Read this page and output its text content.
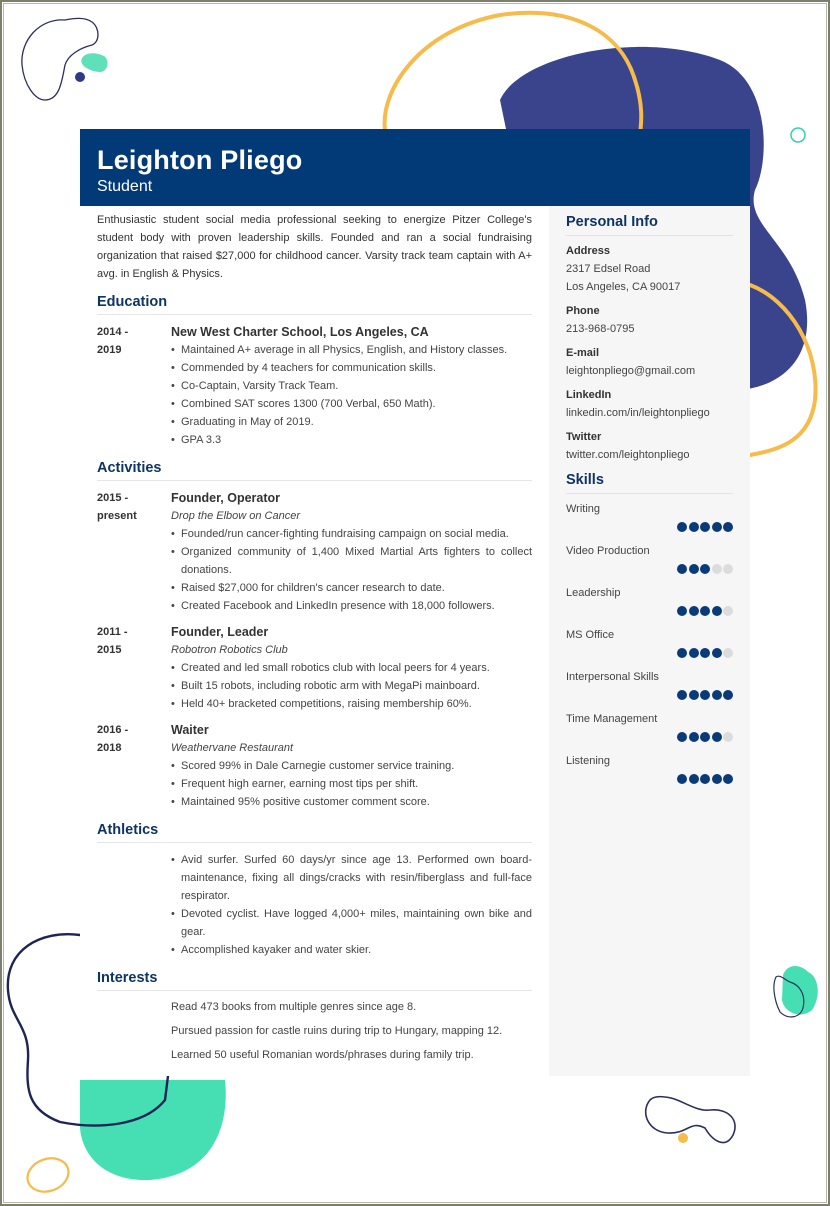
Leighton Pliego
Student

Enthusiastic student social media professional seeking to energize Pitzer College's student body with proven leadership skills. Founded and ran a social fundraising organization that raised $27,000 for childhood cancer. Varsity track team captain with A+ avg. in English & Physics.

Education
2014 -
2019
New West Charter School, Los Angeles, CA
• Maintained A+ average in all Physics, English, and History classes.
• Commended by 4 teachers for communication skills.
• Co-Captain, Varsity Track Team.
• Combined SAT scores 1300 (700 Verbal, 650 Math).
• Graduating in May of 2019.
• GPA 3.3
Activities
2015 -
present
Founder, Operator
Drop the Elbow on Cancer
• Founded/run cancer-fighting fundraising campaign on social media.
• Organized community of 1,400 Mixed Martial Arts fighters to collect donations.
• Raised $27,000 for children's cancer research to date.
• Created Facebook and LinkedIn presence with 18,000 followers.
2011 -
2015
Founder, Leader
Robotron Robotics Club
• Created and led small robotics club with local peers for 4 years.
• Built 15 robots, including robotic arm with MegaPi mainboard.
• Held 40+ bracketed competitions, raising membership 60%.
2016 -
2018
Waiter
Weathervane Restaurant
• Scored 99% in Dale Carnegie customer service training.
• Frequent high earner, earning most tips per shift.
• Maintained 95% positive customer comment score.
Athletics
• Avid surfer. Surfed 60 days/yr since age 13. Performed own board-maintenance, fixing all dings/cracks with resin/fiberglass and full-face respirator.
• Devoted cyclist. Have logged 4,000+ miles, maintaining own bike and gear.
• Accomplished kayaker and water skier.
Interests
Read 473 books from multiple genres since age 8.
Pursued passion for castle ruins during trip to Hungary, mapping 12.
Learned 50 useful Romanian words/phrases during family trip.
Personal Info
Address
2317 Edsel Road
Los Angeles, CA 90017
Phone
213-968-0795
E-mail
leightonpliego@gmail.com
LinkedIn
linkedin.com/in/leightonpliego
Twitter
twitter.com/leightonpliego
Skills
Writing
Video Production
Leadership
MS Office
Interpersonal Skills
Time Management
Listening
